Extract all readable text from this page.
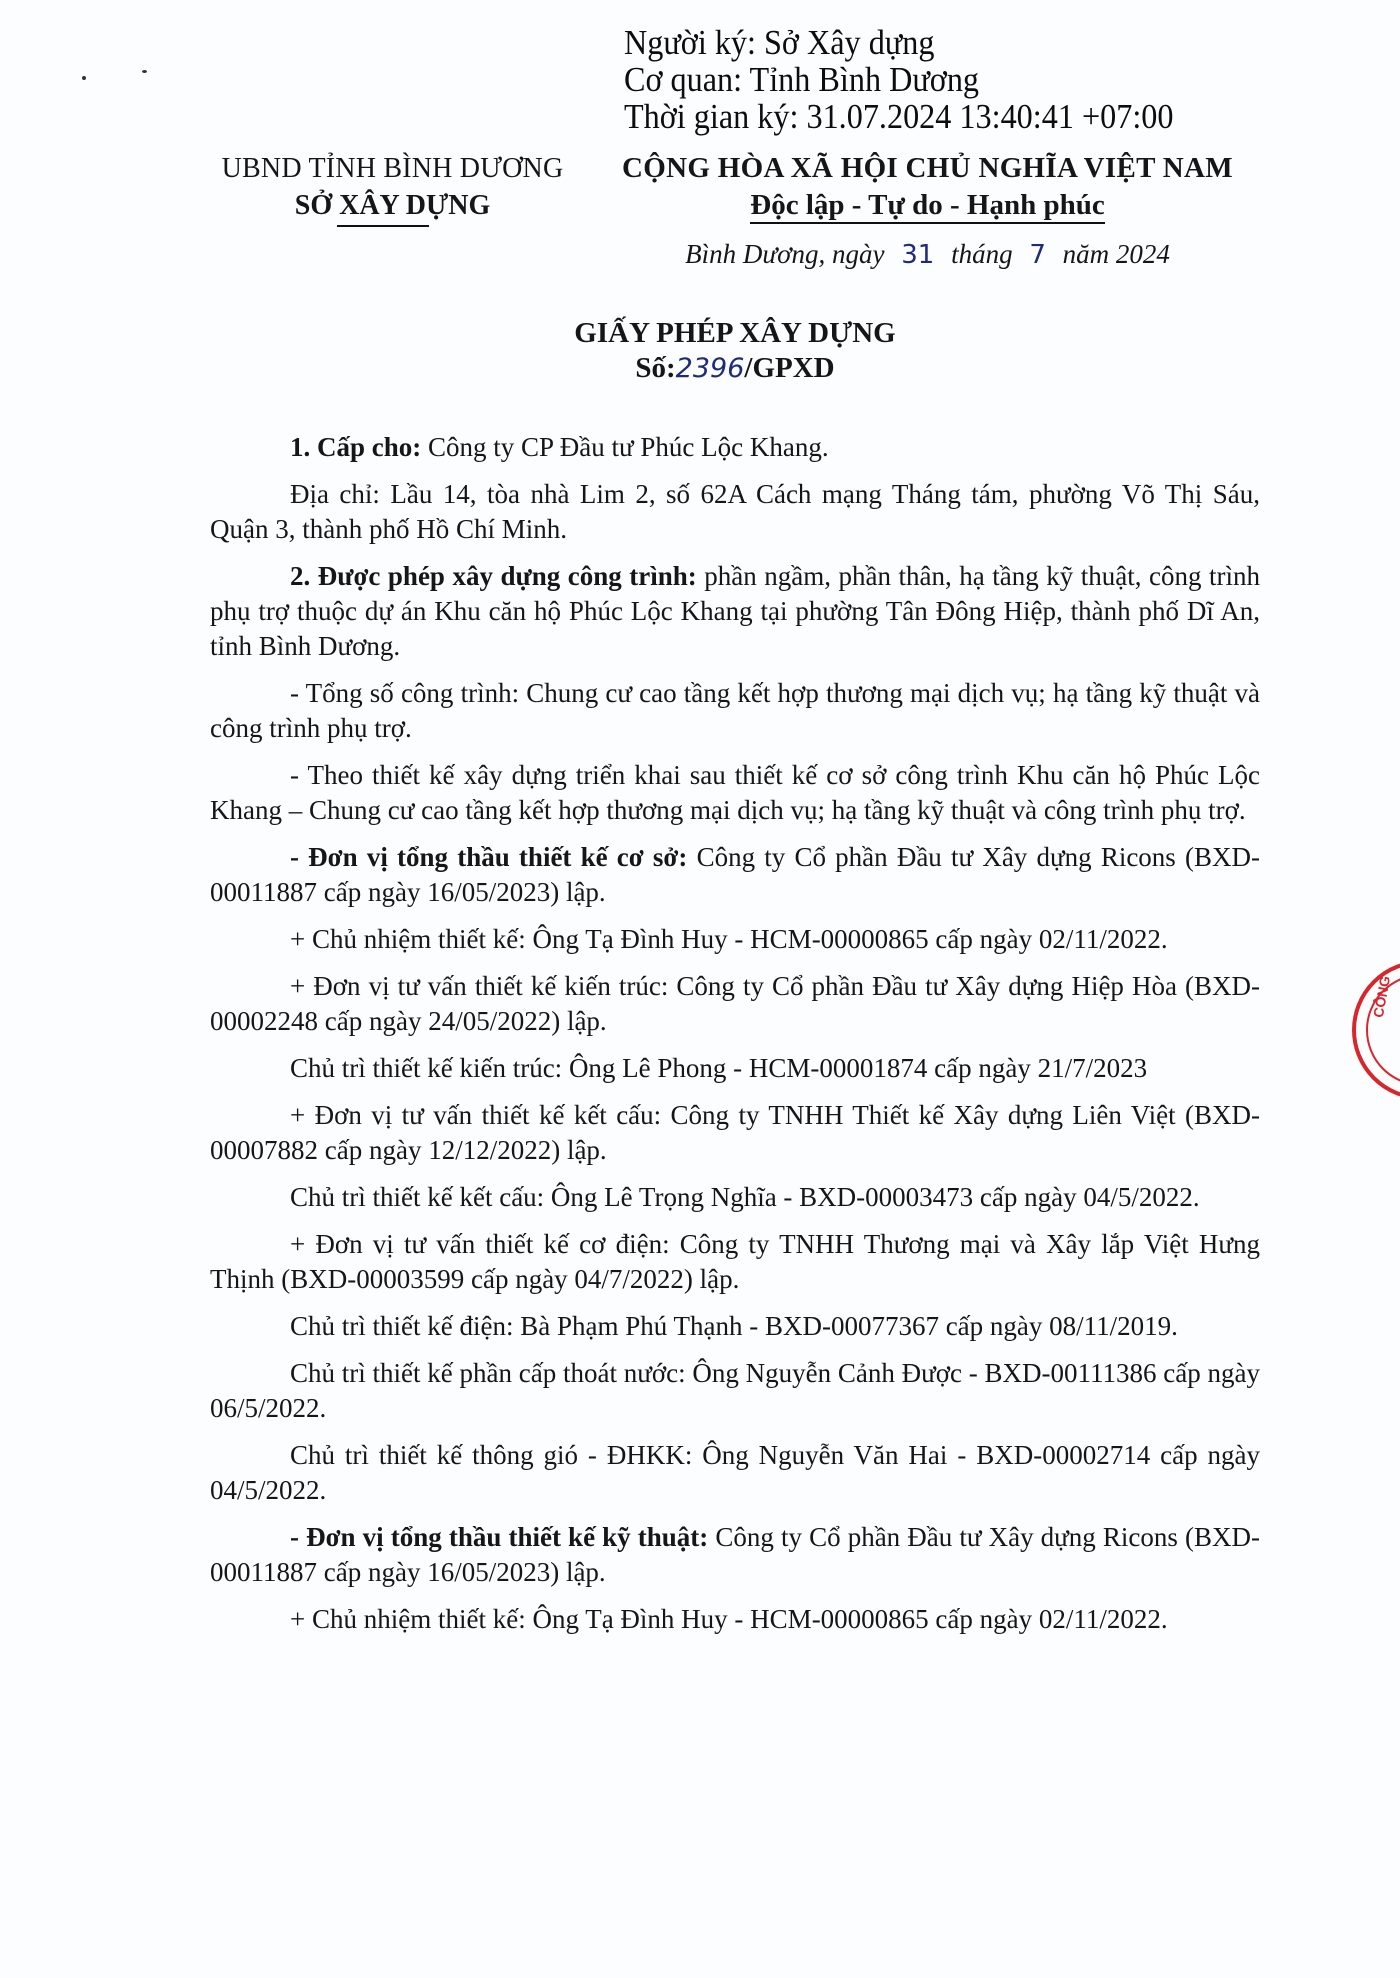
Người ký: Sở Xây dựng
Cơ quan: Tỉnh Bình Dương
Thời gian ký: 31.07.2024 13:40:41 +07:00
UBND TỈNH BÌNH DƯƠNG
SỞ XÂY DỰNG
CỘNG HÒA XÃ HỘI CHỦ NGHĨA VIỆT NAM
Độc lập - Tự do - Hạnh phúc
Bình Dương, ngày 31 tháng 7 năm 2024
GIẤY PHÉP XÂY DỰNG
Số:2396/GPXD

1. Cấp cho: Công ty CP Đầu tư Phúc Lộc Khang.

Địa chỉ: Lầu 14, tòa nhà Lim 2, số 62A Cách mạng Tháng tám, phường Võ Thị Sáu, Quận 3, thành phố Hồ Chí Minh.

2. Được phép xây dựng công trình: phần ngầm, phần thân, hạ tầng kỹ thuật, công trình phụ trợ thuộc dự án Khu căn hộ Phúc Lộc Khang tại phường Tân Đông Hiệp, thành phố Dĩ An, tỉnh Bình Dương.

- Tổng số công trình: Chung cư cao tầng kết hợp thương mại dịch vụ; hạ tầng kỹ thuật và công trình phụ trợ.

- Theo thiết kế xây dựng triển khai sau thiết kế cơ sở công trình Khu căn hộ Phúc Lộc Khang – Chung cư cao tầng kết hợp thương mại dịch vụ; hạ tầng kỹ thuật và công trình phụ trợ.

- Đơn vị tổng thầu thiết kế cơ sở: Công ty Cổ phần Đầu tư Xây dựng Ricons (BXD-00011887 cấp ngày 16/05/2023) lập.

+ Chủ nhiệm thiết kế: Ông Tạ Đình Huy - HCM-00000865 cấp ngày 02/11/2022.

+ Đơn vị tư vấn thiết kế kiến trúc: Công ty Cổ phần Đầu tư Xây dựng Hiệp Hòa (BXD-00002248 cấp ngày 24/05/2022) lập.

Chủ trì thiết kế kiến trúc: Ông Lê Phong - HCM-00001874 cấp ngày 21/7/2023

+ Đơn vị tư vấn thiết kế kết cấu: Công ty TNHH Thiết kế Xây dựng Liên Việt (BXD-00007882 cấp ngày 12/12/2022) lập.

Chủ trì thiết kế kết cấu: Ông Lê Trọng Nghĩa - BXD-00003473 cấp ngày 04/5/2022.

+ Đơn vị tư vấn thiết kế cơ điện: Công ty TNHH Thương mại và Xây lắp Việt Hưng Thịnh (BXD-00003599 cấp ngày 04/7/2022) lập.

Chủ trì thiết kế điện: Bà Phạm Phú Thạnh - BXD-00077367 cấp ngày 08/11/2019.

Chủ trì thiết kế phần cấp thoát nước: Ông Nguyễn Cảnh Được - BXD-00111386 cấp ngày 06/5/2022.

Chủ trì thiết kế thông gió - ĐHKK: Ông Nguyễn Văn Hai - BXD-00002714 cấp ngày 04/5/2022.

- Đơn vị tổng thầu thiết kế kỹ thuật: Công ty Cổ phần Đầu tư Xây dựng Ricons (BXD-00011887 cấp ngày 16/05/2023) lập.

+ Chủ nhiệm thiết kế: Ông Tạ Đình Huy - HCM-00000865 cấp ngày 02/11/2022.

CÔNG
